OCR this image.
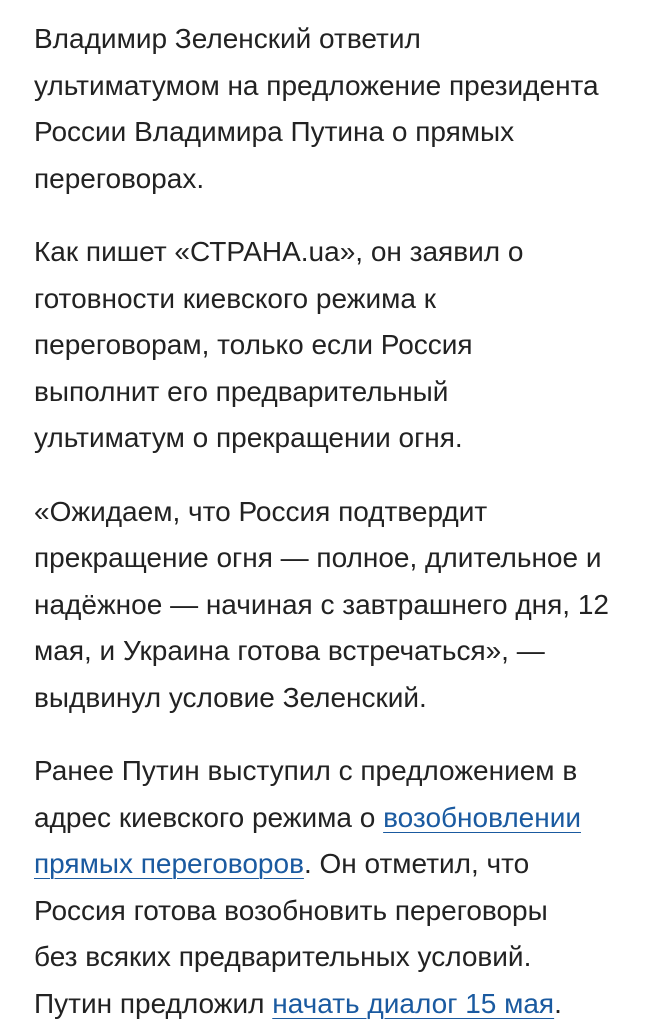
Владимир Зеленский ответил
ультиматумом на предложение президента
России Владимира Путина о прямых
переговорах.

Как пишет «СТРАНА.ua», он заявил о
готовности киевского режима к
переговорам, только если Россия
выполнит его предварительный
ультиматум о прекращении огня.

«Ожидаем, что Россия подтвердит
прекращение огня — полное, длительное и
надёжное — начиная с завтрашнего дня, 12
мая, и Украина готова встречаться», —
выдвинул условие Зеленский.

Ранее Путин выступил с предложением в
адрес киевского режима о возобновлении
прямых переговоров. Он отметил, что
Россия готова возобновить переговоры
без всяких предварительных условий.
Путин предложил начать диалог 15 мая.
